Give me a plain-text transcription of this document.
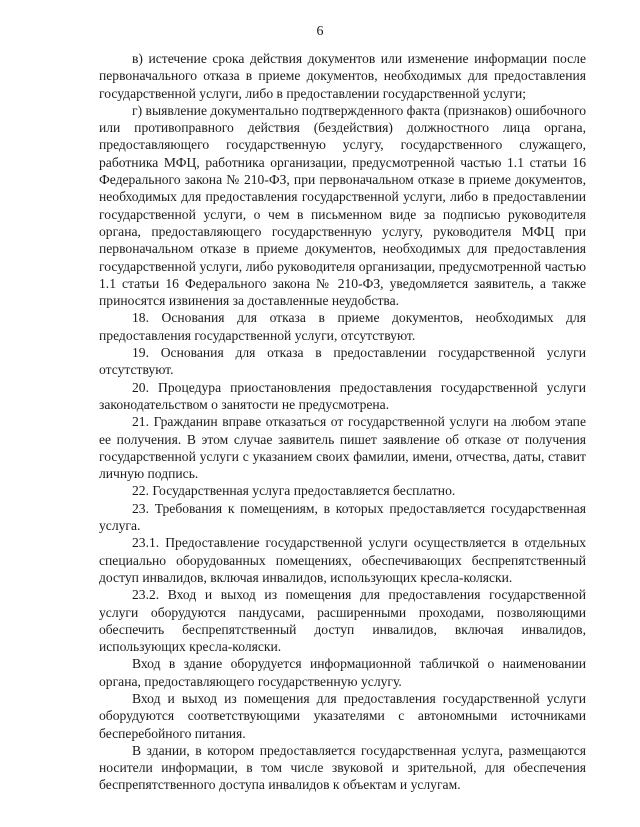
6

в) истечение срока действия документов или изменение информации после первоначального отказа в приеме документов, необходимых для предоставления государственной услуги, либо в предоставлении государственной услуги;

г) выявление документально подтвержденного факта (признаков) ошибочного или противоправного действия (бездействия) должностного лица органа, предоставляющего государственную услугу, государственного служащего, работника МФЦ, работника организации, предусмотренной частью 1.1 статьи 16 Федерального закона № 210-ФЗ, при первоначальном отказе в приеме документов, необходимых для предоставления государственной услуги, либо в предоставлении государственной услуги, о чем в письменном виде за подписью руководителя органа, предоставляющего государственную услугу, руководителя МФЦ при первоначальном отказе в приеме документов, необходимых для предоставления государственной услуги, либо руководителя организации, предусмотренной частью 1.1 статьи 16 Федерального закона № 210-ФЗ, уведомляется заявитель, а также приносятся извинения за доставленные неудобства.

18. Основания для отказа в приеме документов, необходимых для предоставления государственной услуги, отсутствуют.

19. Основания для отказа в предоставлении государственной услуги отсутствуют.

20. Процедура приостановления предоставления государственной услуги законодательством о занятости не предусмотрена.

21. Гражданин вправе отказаться от государственной услуги на любом этапе ее получения. В этом случае заявитель пишет заявление об отказе от получения государственной услуги с указанием своих фамилии, имени, отчества, даты, ставит личную подпись.

22. Государственная услуга предоставляется бесплатно.

23. Требования к помещениям, в которых предоставляется государственная услуга.

23.1. Предоставление государственной услуги осуществляется в отдельных специально оборудованных помещениях, обеспечивающих беспрепятственный доступ инвалидов, включая инвалидов, использующих кресла-коляски.

23.2. Вход и выход из помещения для предоставления государственной услуги оборудуются пандусами, расширенными проходами, позволяющими обеспечить беспрепятственный доступ инвалидов, включая инвалидов, использующих кресла-коляски.

Вход в здание оборудуется информационной табличкой о наименовании органа, предоставляющего государственную услугу.

Вход и выход из помещения для предоставления государственной услуги оборудуются соответствующими указателями с автономными источниками бесперебойного питания.

В здании, в котором предоставляется государственная услуга, размещаются носители информации, в том числе звуковой и зрительной, для обеспечения беспрепятственного доступа инвалидов к объектам и услугам.
